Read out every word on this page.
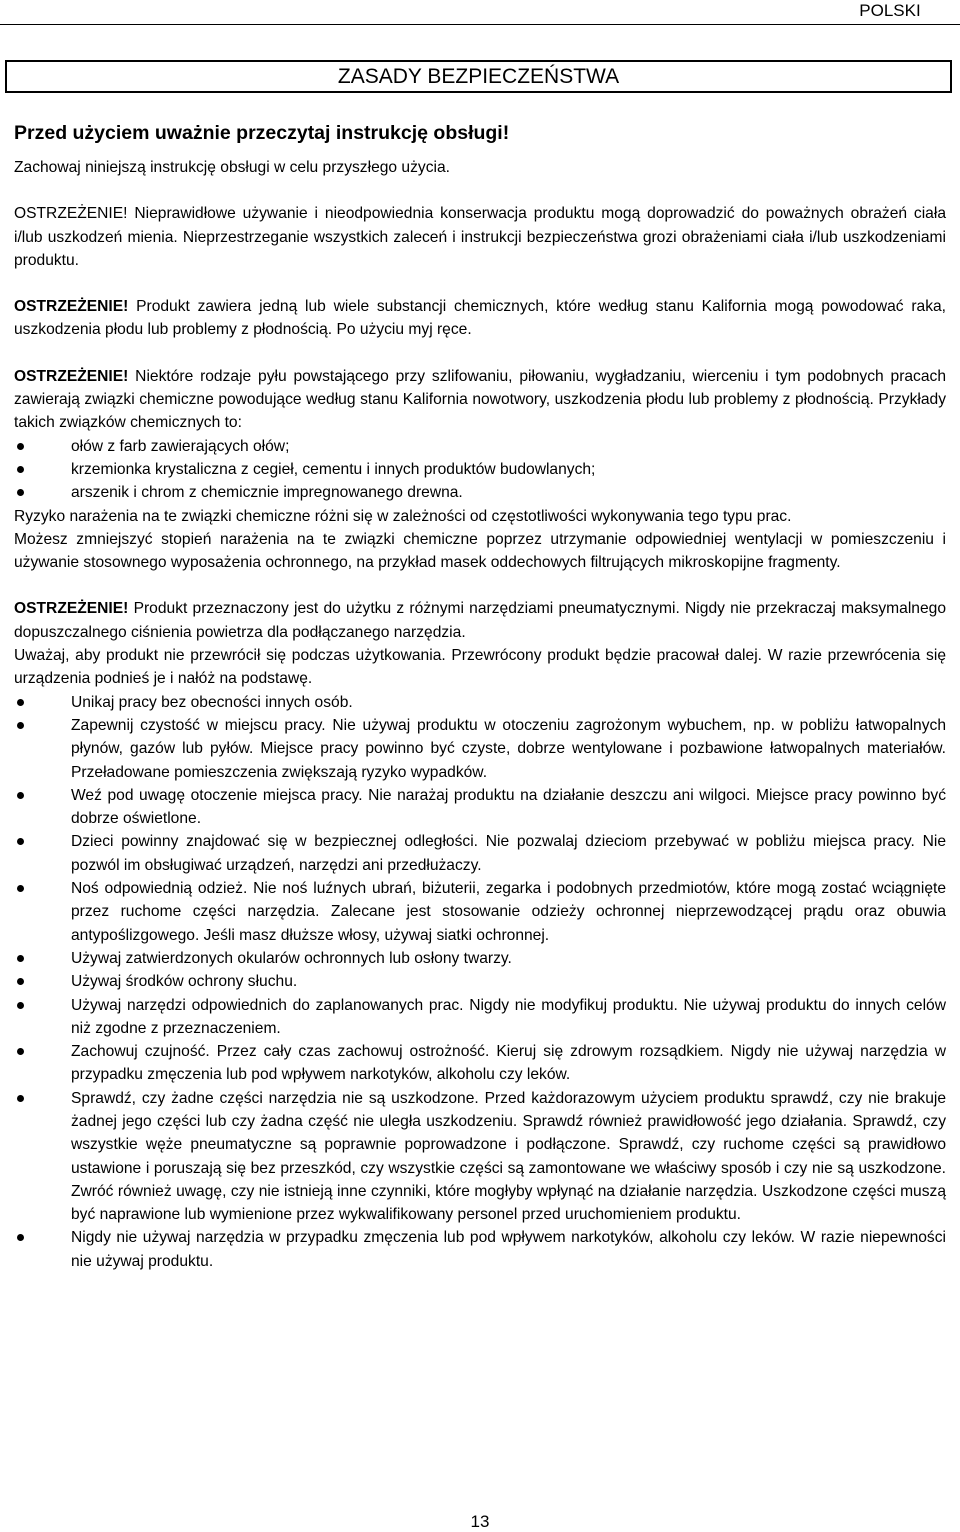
POLSKI
ZASADY BEZPIECZEŃSTWA

Przed użyciem uważnie przeczytaj instrukcję obsługi!

Zachowaj niniejszą instrukcję obsługi w celu przyszłego użycia.

OSTRZEŻENIE! Nieprawidłowe używanie i nieodpowiednia konserwacja produktu mogą doprowadzić do poważnych obrażeń ciała i/lub uszkodzeń mienia. Nieprzestrzeganie wszystkich zaleceń i instrukcji bezpieczeństwa grozi obrażeniami ciała i/lub uszkodzeniami produktu.

OSTRZEŻENIE! Produkt zawiera jedną lub wiele substancji chemicznych, które według stanu Kalifornia mogą powodować raka, uszkodzenia płodu lub problemy z płodnością. Po użyciu myj ręce.

OSTRZEŻENIE! Niektóre rodzaje pyłu powstającego przy szlifowaniu, piłowaniu, wygładzaniu, wierceniu i tym podobnych pracach zawierają związki chemiczne powodujące według stanu Kalifornia nowotwory, uszkodzenia płodu lub problemy z płodnością. Przykłady takich związków chemicznych to:

ołów z farb zawierających ołów;
krzemionka krystaliczna z cegieł, cementu i innych produktów budowlanych;
arszenik i chrom z chemicznie impregnowanego drewna.

Ryzyko narażenia na te związki chemiczne różni się w zależności od częstotliwości wykonywania tego typu prac.

Możesz zmniejszyć stopień narażenia na te związki chemiczne poprzez utrzymanie odpowiedniej wentylacji w pomieszczeniu i używanie stosownego wyposażenia ochronnego, na przykład masek oddechowych filtrujących mikroskopijne fragmenty.

OSTRZEŻENIE! Produkt przeznaczony jest do użytku z różnymi narzędziami pneumatycznymi. Nigdy nie przekraczaj maksymalnego dopuszczalnego ciśnienia powietrza dla podłączanego narzędzia.

Uważaj, aby produkt nie przewrócił się podczas użytkowania. Przewrócony produkt będzie pracował dalej. W razie przewrócenia się urządzenia podnieś je i nałóż na podstawę.

Unikaj pracy bez obecności innych osób.
Zapewnij czystość w miejscu pracy. Nie używaj produktu w otoczeniu zagrożonym wybuchem, np. w pobliżu łatwopalnych płynów, gazów lub pyłów. Miejsce pracy powinno być czyste, dobrze wentylowane i pozbawione łatwopalnych materiałów. Przeładowane pomieszczenia zwiększają ryzyko wypadków.
Weź pod uwagę otoczenie miejsca pracy. Nie narażaj produktu na działanie deszczu ani wilgoci. Miejsce pracy powinno być dobrze oświetlone.
Dzieci powinny znajdować się w bezpiecznej odległości. Nie pozwalaj dzieciom przebywać w pobliżu miejsca pracy. Nie pozwól im obsługiwać urządzeń, narzędzi ani przedłużaczy.
Noś odpowiednią odzież. Nie noś luźnych ubrań, biżuterii, zegarka i podobnych przedmiotów, które mogą zostać wciągnięte przez ruchome części narzędzia. Zalecane jest stosowanie odzieży ochronnej nieprzewodzącej prądu oraz obuwia antypoślizgowego. Jeśli masz dłuższe włosy, używaj siatki ochronnej.
Używaj zatwierdzonych okularów ochronnych lub osłony twarzy.
Używaj środków ochrony słuchu.
Używaj narzędzi odpowiednich do zaplanowanych prac. Nigdy nie modyfikuj produktu. Nie używaj produktu do innych celów niż zgodne z przeznaczeniem.
Zachowuj czujność. Przez cały czas zachowuj ostrożność. Kieruj się zdrowym rozsądkiem. Nigdy nie używaj narzędzia w przypadku zmęczenia lub pod wpływem narkotyków, alkoholu czy leków.
Sprawdź, czy żadne części narzędzia nie są uszkodzone. Przed każdorazowym użyciem produktu sprawdź, czy nie brakuje żadnej jego części lub czy żadna część nie uległa uszkodzeniu. Sprawdź również prawidłowość jego działania. Sprawdź, czy wszystkie węże pneumatyczne są poprawnie poprowadzone i podłączone. Sprawdź, czy ruchome części są prawidłowo ustawione i poruszają się bez przeszkód, czy wszystkie części są zamontowane we właściwy sposób i czy nie są uszkodzone. Zwróć również uwagę, czy nie istnieją inne czynniki, które mogłyby wpłynąć na działanie narzędzia. Uszkodzone części muszą być naprawione lub wymienione przez wykwalifikowany personel przed uruchomieniem produktu.
Nigdy nie używaj narzędzia w przypadku zmęczenia lub pod wpływem narkotyków, alkoholu czy leków. W razie niepewności nie używaj produktu.
13
